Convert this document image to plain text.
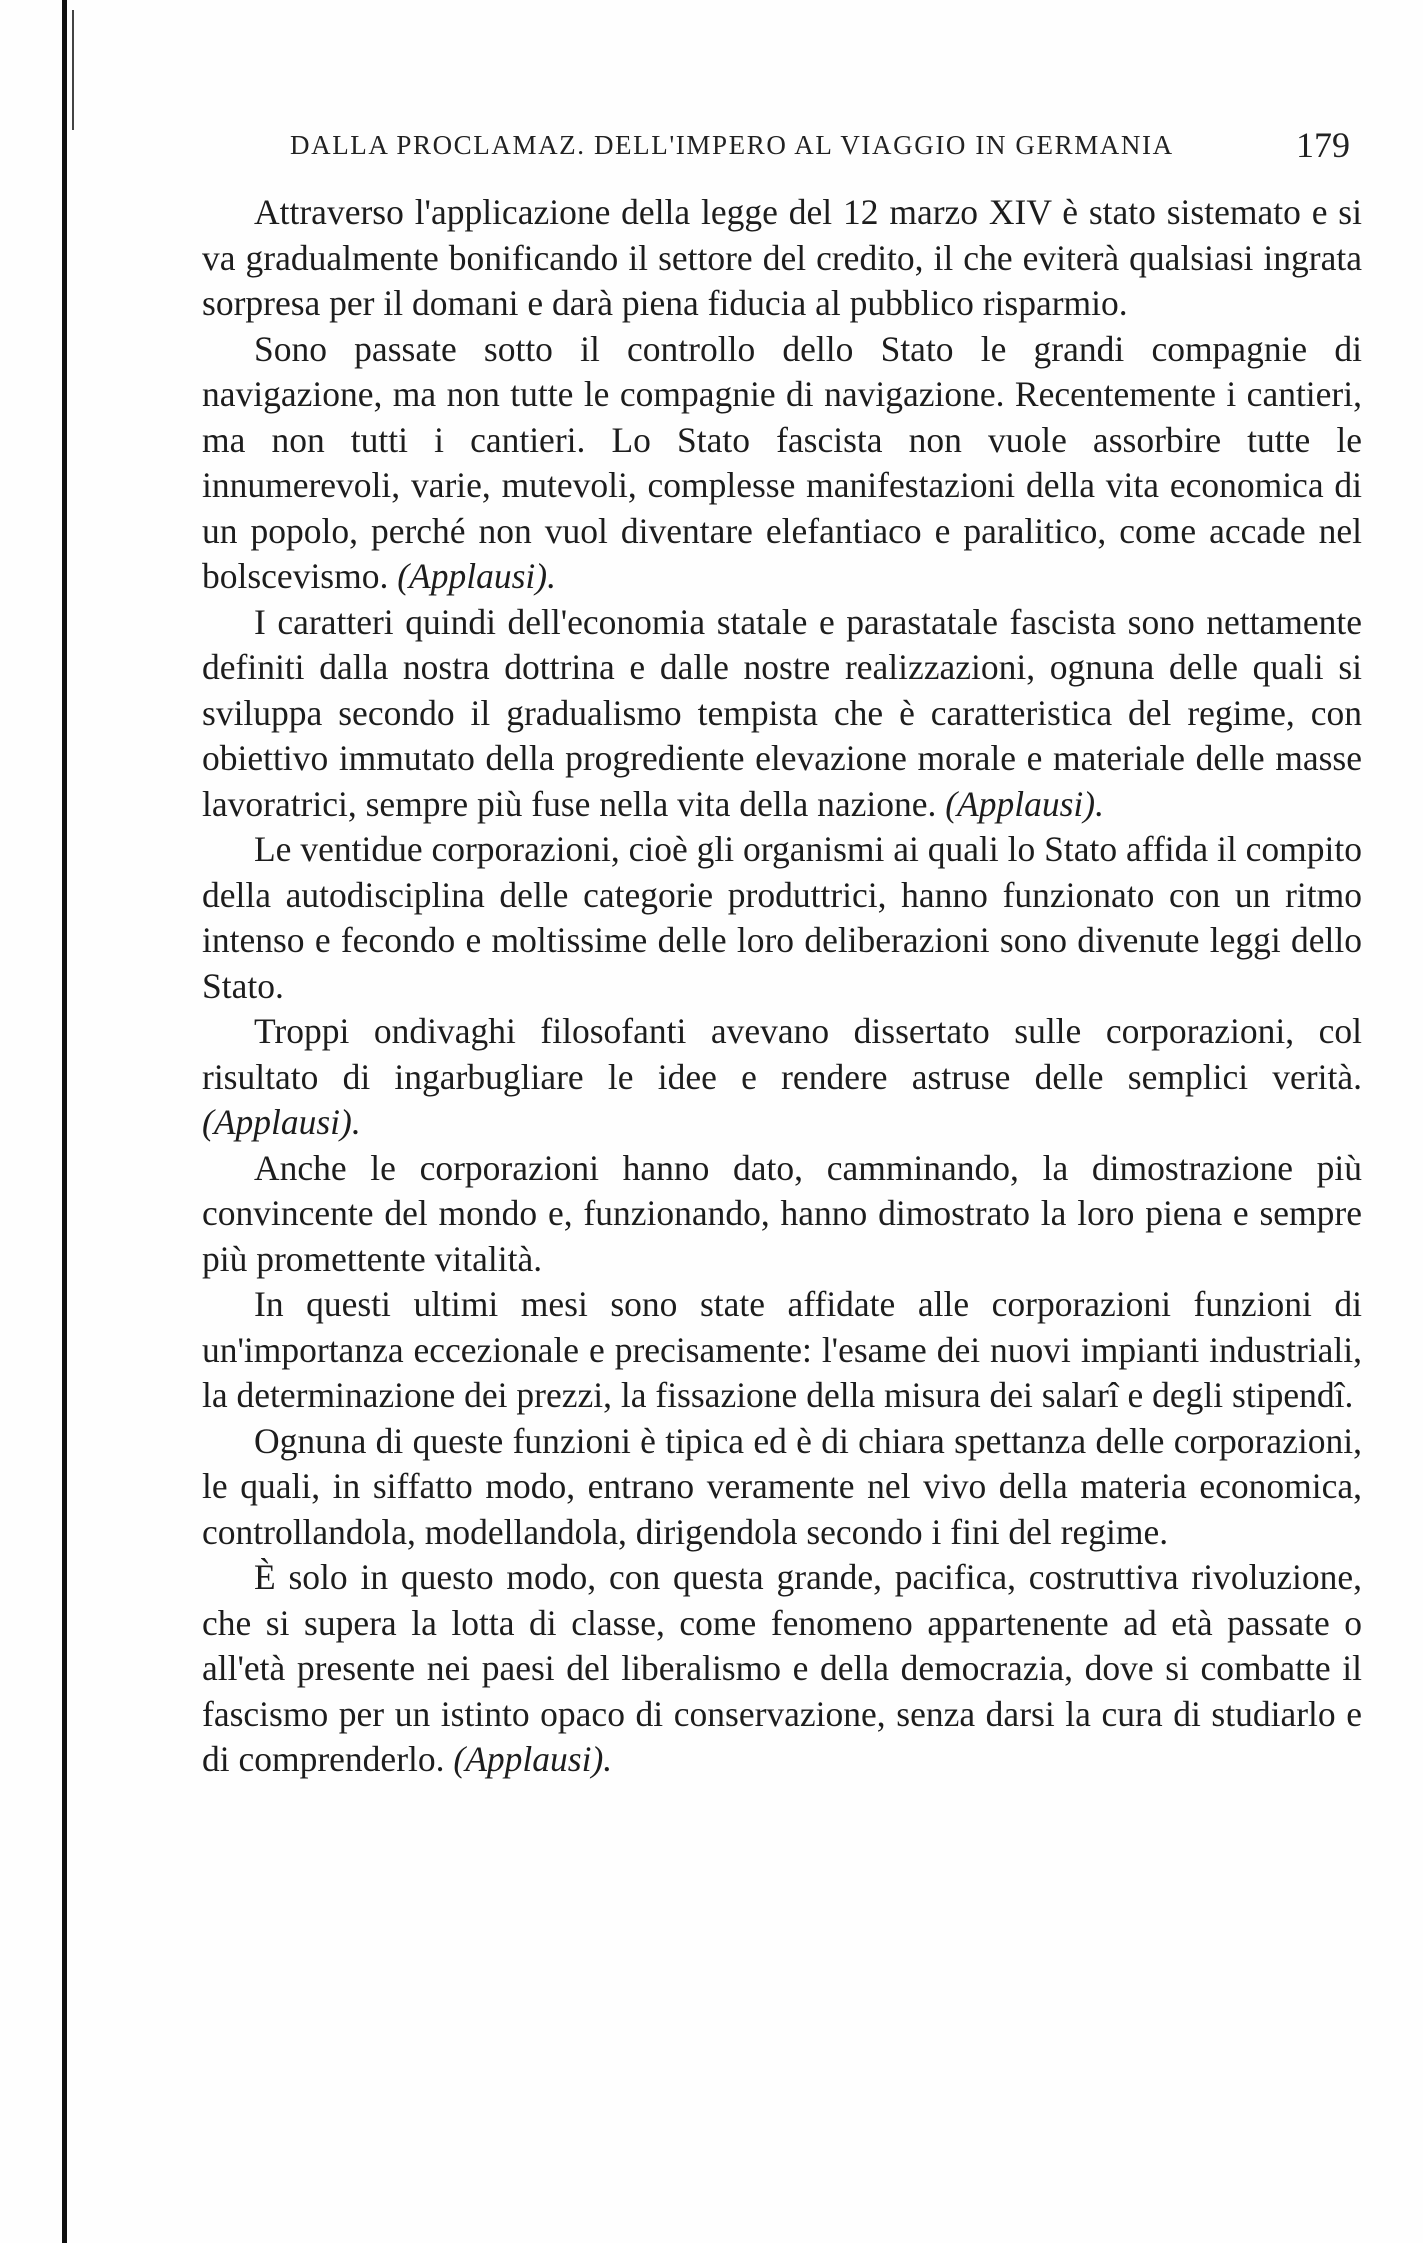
DALLA PROCLAMAZ. DELL'IMPERO AL VIAGGIO IN GERMANIA	179

Attraverso l'applicazione della legge del 12 marzo XIV è stato sistemato e si va gradualmente bonificando il settore del credito, il che eviterà qualsiasi ingrata sorpresa per il domani e darà piena fiducia al pubblico risparmio.

Sono passate sotto il controllo dello Stato le grandi compagnie di navigazione, ma non tutte le compagnie di navigazione. Recentemente i cantieri, ma non tutti i cantieri. Lo Stato fascista non vuole assorbire tutte le innumerevoli, varie, mutevoli, complesse manifestazioni della vita economica di un popolo, perché non vuol diventare elefantiaco e paralitico, come accade nel bolscevismo. (Applausi).

I caratteri quindi dell'economia statale e parastatale fascista sono nettamente definiti dalla nostra dottrina e dalle nostre realizzazioni, ognuna delle quali si sviluppa secondo il gradualismo tempista che è caratteristica del regime, con obiettivo immutato della progrediente elevazione morale e materiale delle masse lavoratrici, sempre più fuse nella vita della nazione. (Applausi).

Le ventidue corporazioni, cioè gli organismi ai quali lo Stato affida il compito della autodisciplina delle categorie produttrici, hanno funzionato con un ritmo intenso e fecondo e moltissime delle loro deliberazioni sono divenute leggi dello Stato.

Troppi ondivaghi filosofanti avevano dissertato sulle corporazioni, col risultato di ingarbugliare le idee e rendere astruse delle semplici verità. (Applausi).

Anche le corporazioni hanno dato, camminando, la dimostrazione più convincente del mondo e, funzionando, hanno dimostrato la loro piena e sempre più promettente vitalità.

In questi ultimi mesi sono state affidate alle corporazioni funzioni di un'importanza eccezionale e precisamente: l'esame dei nuovi impianti industriali, la determinazione dei prezzi, la fissazione della misura dei salarî e degli stipendî.

Ognuna di queste funzioni è tipica ed è di chiara spettanza delle corporazioni, le quali, in siffatto modo, entrano veramente nel vivo della materia economica, controllandola, modellandola, dirigendola secondo i fini del regime.

È solo in questo modo, con questa grande, pacifica, costruttiva rivoluzione, che si supera la lotta di classe, come fenomeno appartenente ad età passate o all'età presente nei paesi del liberalismo e della democrazia, dove si combatte il fascismo per un istinto opaco di conservazione, senza darsi la cura di studiarlo e di comprenderlo. (Applausi).
